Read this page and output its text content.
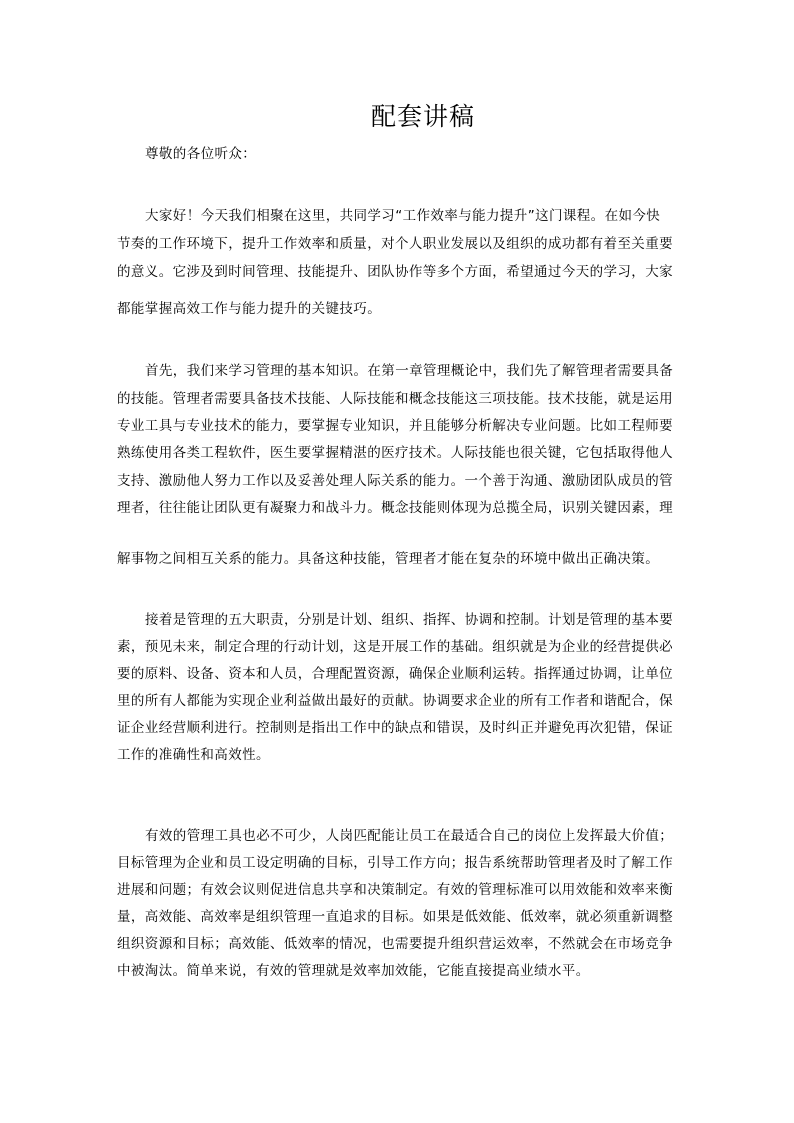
配套讲稿
尊敬的各位听众：
大家好！今天我们相聚在这里，共同学习“工作效率与能力提升”这门课程。在如今快
节奏的工作环境下，提升工作效率和质量，对个人职业发展以及组织的成功都有着至关重要
的意义。它涉及到时间管理、技能提升、团队协作等多个方面，希望通过今天的学习，大家
都能掌握高效工作与能力提升的关键技巧。
首先，我们来学习管理的基本知识。在第一章管理概论中，我们先了解管理者需要具备
的技能。管理者需要具备技术技能、人际技能和概念技能这三项技能。技术技能，就是运用
专业工具与专业技术的能力，要掌握专业知识，并且能够分析解决专业问题。比如工程师要
熟练使用各类工程软件，医生要掌握精湛的医疗技术。人际技能也很关键，它包括取得他人
支持、激励他人努力工作以及妥善处理人际关系的能力。一个善于沟通、激励团队成员的管
理者，往往能让团队更有凝聚力和战斗力。概念技能则体现为总揽全局，识别关键因素，理
解事物之间相互关系的能力。具备这种技能，管理者才能在复杂的环境中做出正确决策。
接着是管理的五大职责，分别是计划、组织、指挥、协调和控制。计划是管理的基本要
素，预见未来，制定合理的行动计划，这是开展工作的基础。组织就是为企业的经营提供必
要的原料、设备、资本和人员，合理配置资源，确保企业顺利运转。指挥通过协调，让单位
里的所有人都能为实现企业利益做出最好的贡献。协调要求企业的所有工作者和谐配合，保
证企业经营顺利进行。控制则是指出工作中的缺点和错误，及时纠正并避免再次犯错，保证
工作的准确性和高效性。
有效的管理工具也必不可少，人岗匹配能让员工在最适合自己的岗位上发挥最大价值；
目标管理为企业和员工设定明确的目标，引导工作方向；报告系统帮助管理者及时了解工作
进展和问题；有效会议则促进信息共享和决策制定。有效的管理标准可以用效能和效率来衡
量，高效能、高效率是组织管理一直追求的目标。如果是低效能、低效率，就必须重新调整
组织资源和目标；高效能、低效率的情况，也需要提升组织营运效率，不然就会在市场竞争
中被淘汰。简单来说，有效的管理就是效率加效能，它能直接提高业绩水平。
